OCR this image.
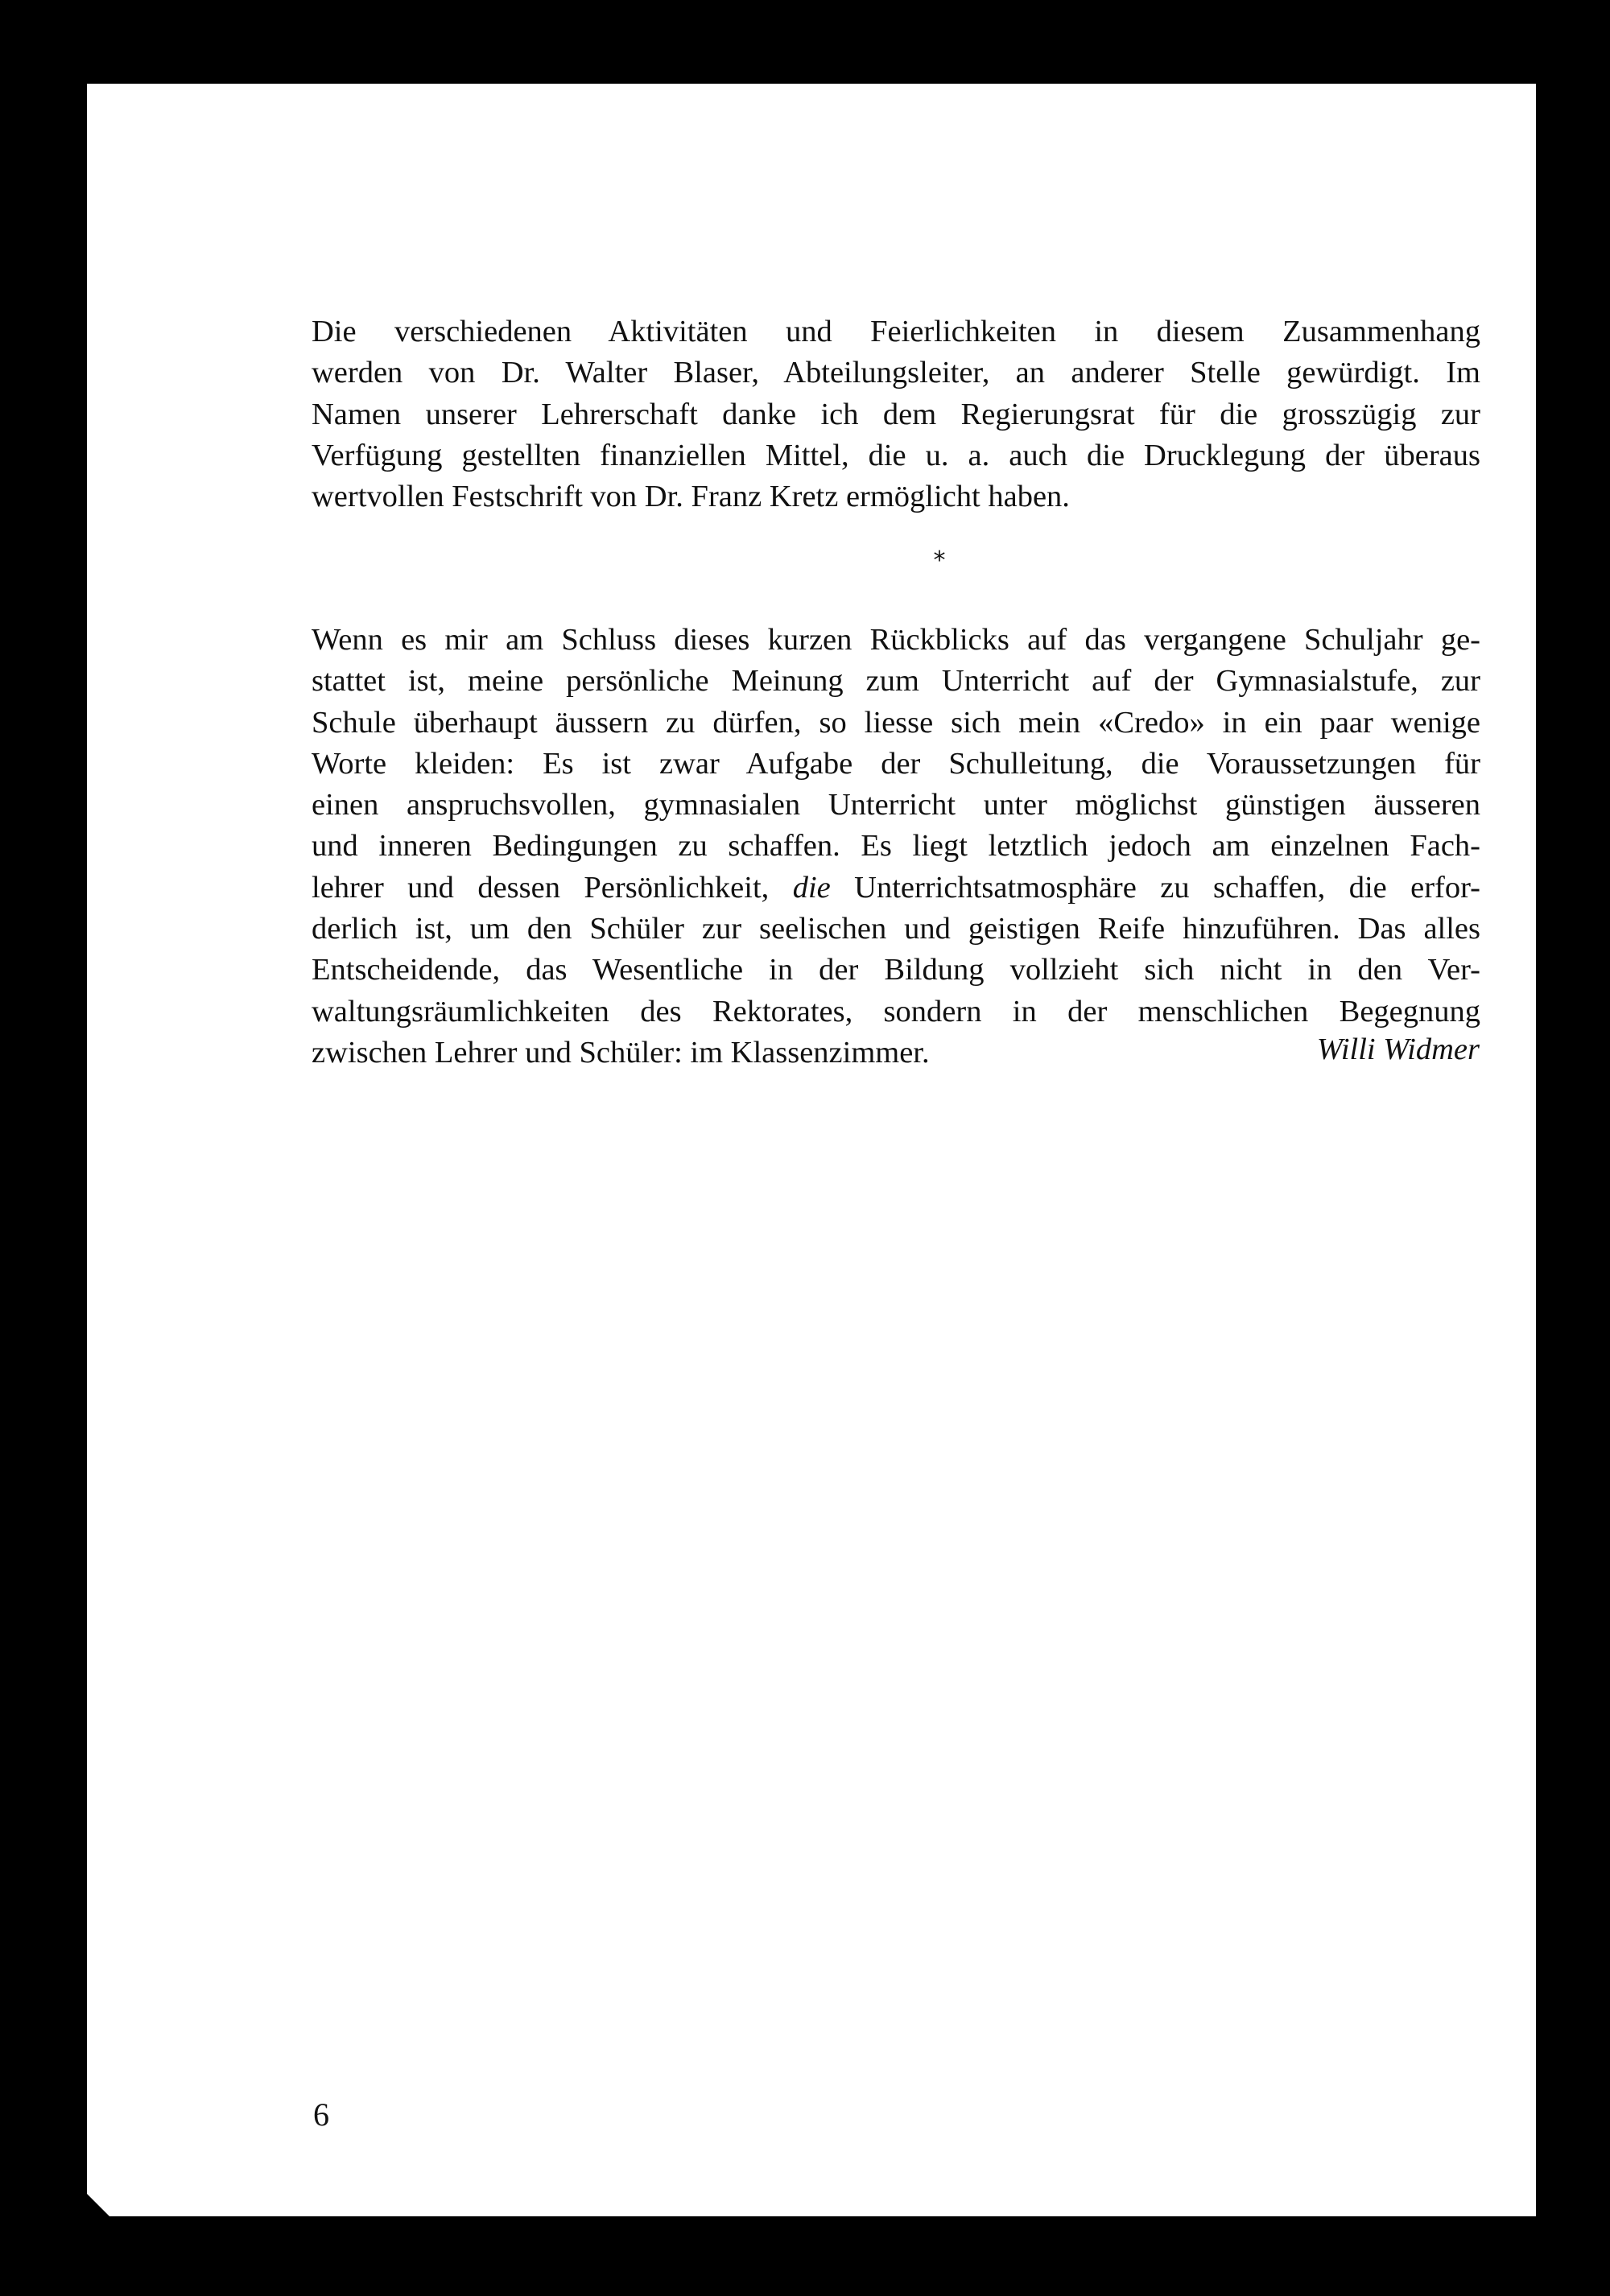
Die verschiedenen Aktivitäten und Feierlichkeiten in diesem Zusammenhang
werden von Dr. Walter Blaser, Abteilungsleiter, an anderer Stelle gewürdigt. Im
Namen unserer Lehrerschaft danke ich dem Regierungsrat für die grosszügig zur
Verfügung gestellten finanziellen Mittel, die u. a. auch die Drucklegung der überaus
wertvollen Festschrift von Dr. Franz Kretz ermöglicht haben.
*
Wenn es mir am Schluss dieses kurzen Rückblicks auf das vergangene Schuljahr ge-
stattet ist, meine persönliche Meinung zum Unterricht auf der Gymnasialstufe, zur
Schule überhaupt äussern zu dürfen, so liesse sich mein «Credo» in ein paar wenige
Worte kleiden: Es ist zwar Aufgabe der Schulleitung, die Voraussetzungen für
einen anspruchsvollen, gymnasialen Unterricht unter möglichst günstigen äusseren
und inneren Bedingungen zu schaffen. Es liegt letztlich jedoch am einzelnen Fach-
lehrer und dessen Persönlichkeit, die Unterrichtsatmosphäre zu schaffen, die erfor-
derlich ist, um den Schüler zur seelischen und geistigen Reife hinzuführen. Das alles
Entscheidende, das Wesentliche in der Bildung vollzieht sich nicht in den Ver-
waltungsräumlichkeiten des Rektorates, sondern in der menschlichen Begegnung
zwischen Lehrer und Schüler: im Klassenzimmer.	Willi Widmer
6
